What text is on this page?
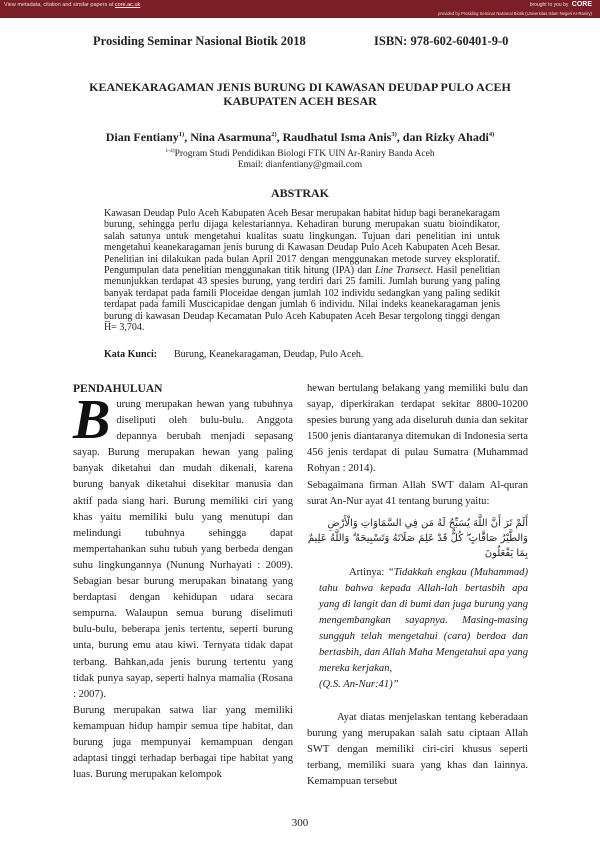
View metadata, citation and similar papers at core.ac.uk	brought to you by CORE
provided by Prosiding Seminar Nasional Biotik (Universitas Islam Negeri Ar-Raniry)
Prosiding Seminar Nasional Biotik 2018	ISBN: 978-602-60401-9-0
KEANEKARAGAMAN JENIS BURUNG DI KAWASAN DEUDAP PULO ACEH
KABUPATEN ACEH BESAR
Dian Fentiany$^{1)}$, Nina Asarmuna$^{2)}$, Raudhatul Isma Anis$^{3)}$, dan Rizky Ahadi$^{4)}$
$^{1-4)}$Program Studi Pendidikan Biologi FTK UIN Ar-Raniry Banda Aceh
Email: dianfentiany@gmail.com
ABSTRAK
Kawasan Deudap Pulo Aceh Kabupaten Aceh Besar merupakan habitat hidup bagi beranekaragam burung, sehingga perlu dijaga kelestariannya. Kehadiran burung merupakan suatu bioindikator, salah satunya untuk mengetahui kualitas suatu lingkungan. Tujuan dari penelitian ini untuk mengetahui keanekaragaman jenis burung di Kawasan Deudap Pulo Aceh Kabupaten Aceh Besar. Penelitian ini dilakukan pada bulan April 2017 dengan menggunakan metode survey eksploratif. Pengumpulan data penelitian menggunakan titik hitung (IPA) dan Line Transect. Hasil penelitian menunjukkan terdapat 43 spesies burung, yang terdiri dari 25 famili. Jumlah burung yang paling banyak terdapat pada famili Ploceidae dengan jumlah 102 individu sedangkan yang paling sedikit terdapat pada famili Muscicapidae dengan jumlah 6 individu. Nilai indeks keanekaragaman jenis burung di kawasan Deudap Kecamatan Pulo Aceh Kabupaten Aceh Besar tergolong tinggi dengan H̅= 3,704.
Kata Kunci: Burung, Keanekaragaman, Deudap, Pulo Aceh.
PENDAHULUAN

Burung merupakan hewan yang tubuhnya diseliputi oleh bulu-bulu. Anggota depannya berubah menjadi sepasang sayap. Burung merupakan hewan yang paling banyak diketahui dan mudah dikenali, karena burung banyak diketahui disekitar manusia dan aktif pada siang hari. Burung memiliki ciri yang khas yaitu memiliki bulu yang menutupi dan melindungi tubuhnya sehingga dapat mempertahankan suhu tubuh yang berbeda dengan suhu lingkungannya (Nunung Nurhayati : 2009). Sebagian besar burung merupakan binatang yang berdaptasi dengan kehidupan udara secara sempurna. Walaupun semua burung diselimuti bulu-bulu, beberapa jenis tertentu, seperti burung unta, burung emu atau kiwi. Ternyata tidak dapat terbang. Bahkan,ada jenis burung tertentu yang tidak punya sayap, seperti halnya mamalia (Rosana : 2007).

Burung merupakan satwa liar yang memiliki kemampuan hidup hampir semua tipe habitat, dan burung juga mempunyai kemampuan dengan adaptasi tinggi terhadap berbagai tipe habitat yang luas. Burung merupakan kelompok

hewan bertulang belakang yang memiliki bulu dan sayap, diperkirakan terdapat sekitar 8800-10200 spesies burung yang ada diseluruh dunia dan sekitar 1500 jenis diantaranya ditemukan di Indonesia serta 456 jenis terdapat di pulau Sumatra (Muhammad Rohyan : 2014).

Sebagaimana firman Allah SWT dalam Al-quran surat An-Nur ayat 41 tentang burung yaitu:

أَلَمْ تَرَ أَنَّ اللَّهَ يُسَبِّحُ لَهُ مَن فِي السَّمَاوَاتِ وَالْأَرْضِ وَالطَّيْرُ صَافَّاتٍ ۖ كُلٌّ قَدْ عَلِمَ صَلَاتَهُ وَتَسْبِيحَهُ ۗ وَاللَّهُ عَلِيمٌ بِمَا يَفْعَلُونَ
Artinya: “Tidakkah engkau (Muhammad) tahu bahwa kepada Allah-lah bertasbih apa yang di langit dan di bumi dan juga burung yang mengembangkan sayapnya. Masing-masing sungguh telah mengetahui (cara) berdoa dan bertasbih, dan Allah Maha Mengetahui apa yang mereka kerjakan,
(Q.S. An-Nur:41)”

Ayat diatas menjelaskan tentang keberadaan burung yang merupakan salah satu ciptaan Allah SWT dengan memiliki ciri-ciri khusus seperti terbang, memiliki suara yang khas dan lainnya. Kemampuan tersebut

300
